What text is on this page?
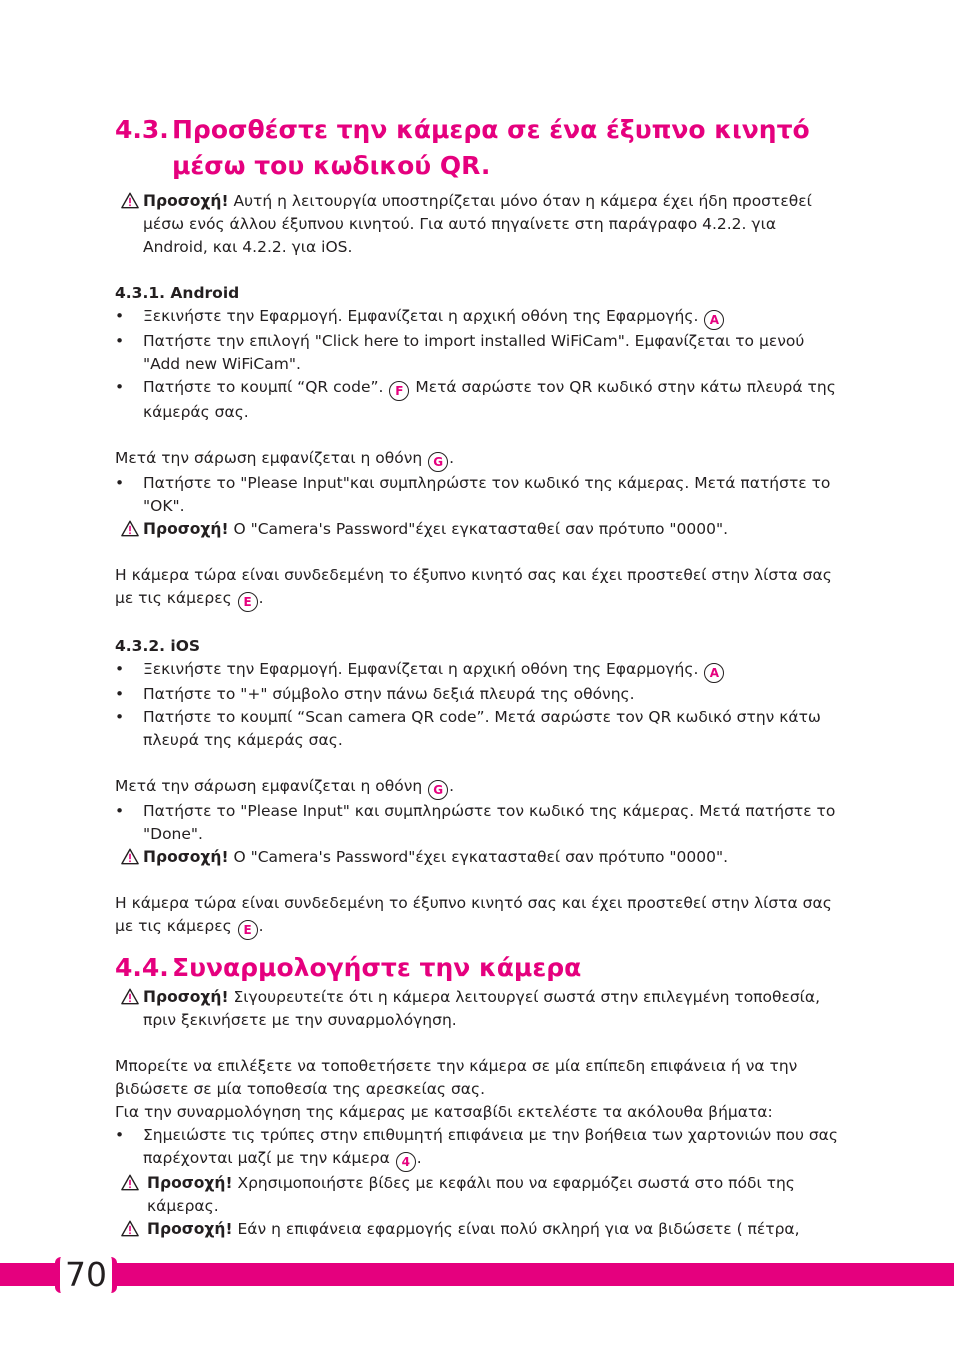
4.3. Προσθέστε την κάμερα σε ένα έξυπνο κινητό
μέσω του κωδικού QR.
Προσοχή! Αυτή η λειτουργία υποστηρίζεται μόνο όταν η κάμερα έχει ήδη προστεθεί μέσω ενός άλλου έξυπνου κινητού. Για αυτό πηγαίνετε στη παράγραφο 4.2.2. για Android, και 4.2.2. για iOS.
4.3.1. Android
• Ξεκινήστε την Εφαρμογή. Εμφανίζεται η αρχική οθόνη της Εφαρμογής. A
• Πατήστε την επιλογή "Click here to import installed WiFiCam". Εμφανίζεται το μενού "Add new WiFiCam".
• Πατήστε το κουμπί “QR code”. F Μετά σαρώστε τον QR κωδικό στην κάτω πλευρά της κάμεράς σας.

Μετά την σάρωση εμφανίζεται η οθόνη G .

• Πατήστε το "Please Input"και συμπληρώστε τον κωδικό της κάμερας. Μετά πατήστε το "OK".
Προσοχή! Ο "Camera's Password"έχει εγκατασταθεί σαν πρότυπο "0000".

Η κάμερα τώρα είναι συνδεδεμένη το έξυπνο κινητό σας και έχει προστεθεί στην λίστα σας με τις κάμερες E .

4.3.2. iOS
• Ξεκινήστε την Εφαρμογή. Εμφανίζεται η αρχική οθόνη της Εφαρμογής. A
• Πατήστε το "+" σύμβολο στην πάνω δεξιά πλευρά της οθόνης.
• Πατήστε το κουμπί “Scan camera QR code”. Μετά σαρώστε τον QR κωδικό στην κάτω πλευρά της κάμεράς σας.

Μετά την σάρωση εμφανίζεται η οθόνη G .

• Πατήστε το "Please Input" και συμπληρώστε τον κωδικό της κάμερας. Μετά πατήστε το "Done".
Προσοχή! Ο "Camera's Password"έχει εγκατασταθεί σαν πρότυπο "0000".

Η κάμερα τώρα είναι συνδεδεμένη το έξυπνο κινητό σας και έχει προστεθεί στην λίστα σας με τις κάμερες E .

4.4. Συναρμολογήστε την κάμερα
Προσοχή! Σιγουρευτείτε ότι η κάμερα λειτουργεί σωστά στην επιλεγμένη τοποθεσία, πριν ξεκινήσετε με την συναρμολόγηση.

Μπορείτε να επιλέξετε να τοποθετήσετε την κάμερα σε μία επίπεδη επιφάνεια ή να την βιδώσετε σε μία τοποθεσία της αρεσκείας σας.

Για την συναρμολόγηση της κάμερας με κατσαβίδι εκτελέστε τα ακόλουθα βήματα:

• Σημειώστε τις τρύπες στην επιθυμητή επιφάνεια με την βοήθεια των χαρτονιών που σας παρέχονται μαζί με την κάμερα 4 .
Προσοχή! Χρησιμοποιήστε βίδες με κεφάλι που να εφαρμόζει σωστά στο πόδι της κάμερας.
Προσοχή! Εάν η επιφάνεια εφαρμογής είναι πολύ σκληρή για να βιδώσετε ( πέτρα,
70
